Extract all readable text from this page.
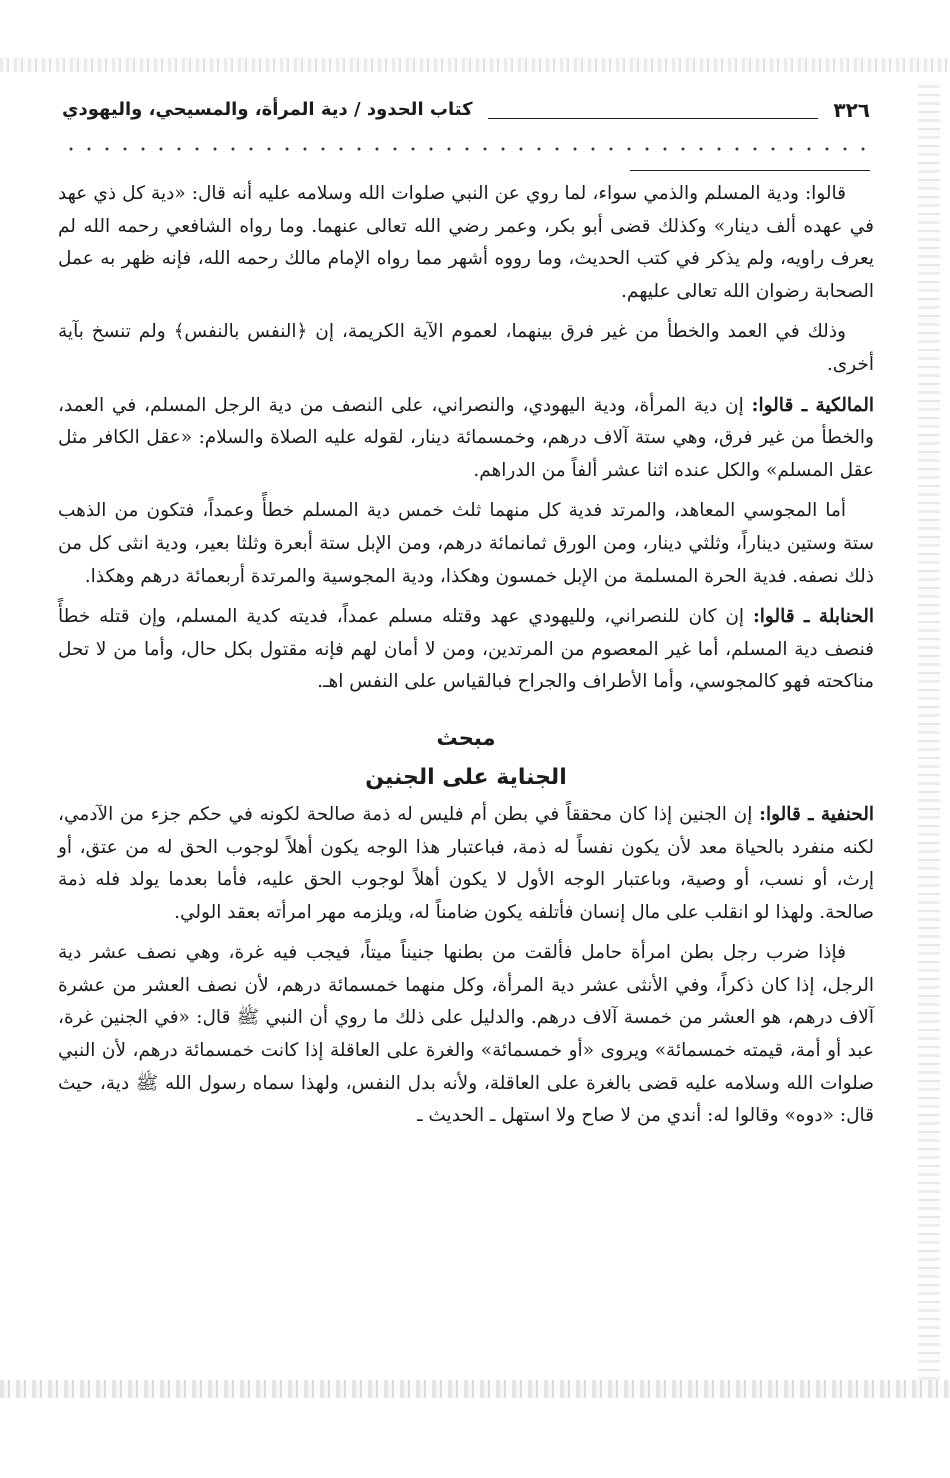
٣٢٦
كتاب الحدود / دية المرأة، والمسيحي، واليهودي

قالوا: ودية المسلم والذمي سواء، لما روي عن النبي صلوات الله وسلامه عليه أنه قال: «دية كل ذي عهد في عهده ألف دينار» وكذلك قضى أبو بكر، وعمر رضي الله تعالى عنهما. وما رواه الشافعي رحمه الله لم يعرف راويه، ولم يذكر في كتب الحديث، وما رووه أشهر مما رواه الإمام مالك رحمه الله، فإنه ظهر به عمل الصحابة رضوان الله تعالى عليهم.

وذلك في العمد والخطأ من غير فرق بينهما، لعموم الآية الكريمة، إن ﴿النفس بالنفس﴾ ولم تنسخ بآية أخرى.

المالكية ـ قالوا: إن دية المرأة، ودية اليهودي، والنصراني، على النصف من دية الرجل المسلم، في العمد، والخطأ من غير فرق، وهي ستة آلاف درهم، وخمسمائة دينار، لقوله عليه الصلاة والسلام: «عقل الكافر مثل عقل المسلم» والكل عنده اثنا عشر ألفاً من الدراهم.

أما المجوسي المعاهد، والمرتد فدية كل منهما ثلث خمس دية المسلم خطأً وعمداً، فتكون من الذهب ستة وستين ديناراً، وثلثي دينار، ومن الورق ثمانمائة درهم، ومن الإبل ستة أبعرة وثلثا بعير، ودية انثى كل من ذلك نصفه. فدية الحرة المسلمة من الإبل خمسون وهكذا، ودية المجوسية والمرتدة أربعمائة درهم وهكذا.

الحنابلة ـ قالوا: إن كان للنصراني، ولليهودي عهد وقتله مسلم عمداً، فديته كدية المسلم، وإن قتله خطأً فنصف دية المسلم، أما غير المعصوم من المرتدين، ومن لا أمان لهم فإنه مقتول بكل حال، وأما من لا تحل مناكحته فهو كالمجوسي، وأما الأطراف والجراح فبالقياس على النفس اهـ.

مبحث
الجناية على الجنين

الحنفية ـ قالوا: إن الجنين إذا كان محققاً في بطن أم فليس له ذمة صالحة لكونه في حكم جزء من الآدمي، لكنه منفرد بالحياة معد لأن يكون نفساً له ذمة، فباعتبار هذا الوجه يكون أهلاً لوجوب الحق له من عتق، أو إرث، أو نسب، أو وصية، وباعتبار الوجه الأول لا يكون أهلاً لوجوب الحق عليه، فأما بعدما يولد فله ذمة صالحة. ولهذا لو انقلب على مال إنسان فأتلفه يكون ضامناً له، ويلزمه مهر امرأته بعقد الولي.

فإذا ضرب رجل بطن امرأة حامل فألقت من بطنها جنيناً ميتاً، فيجب فيه غرة، وهي نصف عشر دية الرجل، إذا كان ذكراً، وفي الأنثى عشر دية المرأة، وكل منهما خمسمائة درهم، لأن نصف العشر من عشرة آلاف درهم، هو العشر من خمسة آلاف درهم. والدليل على ذلك ما روي أن النبي ﷺ قال: «في الجنين غرة، عبد أو أمة، قيمته خمسمائة» ويروى «أو خمسمائة» والغرة على العاقلة إذا كانت خمسمائة درهم، لأن النبي صلوات الله وسلامه عليه قضى بالغرة على العاقلة، ولأنه بدل النفس، ولهذا سماه رسول الله ﷺ دية، حيث قال: «دوه» وقالوا له: أندي من لا صاح ولا استهل ـ الحديث ـ
